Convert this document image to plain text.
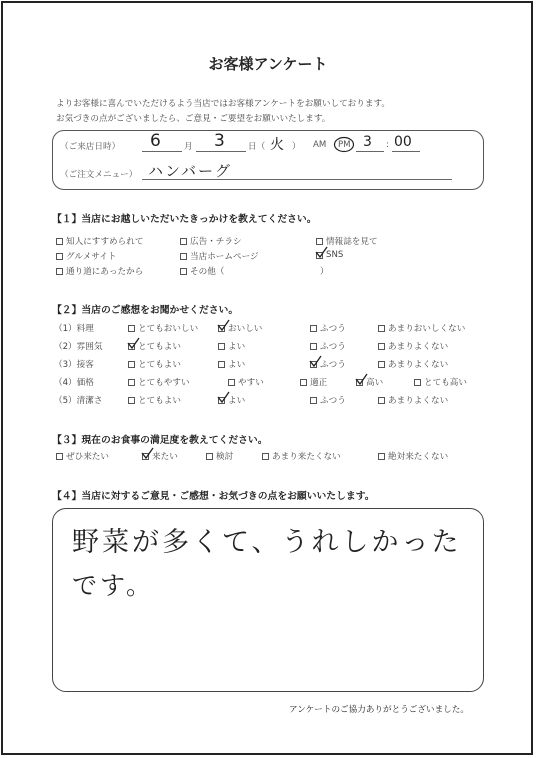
お客様アンケート
よりお客様に喜んでいただけるよう当店ではお客様アンケートをお願いしております。
お気づきの点がございましたら、ご意見・ご要望をお願いいたします。
（ご来店日時） 6	月 3	日（ 火 ） AM PM 3 : 00
（ご注文メニュー） ハンバーグ
【１】当店にお越しいただいたきっかけを教えてください。
知人にすすめられて	広告・チラシ	情報誌を見て
グルメサイト	当店ホームページ	SNS
通り道にあったから	その他（	）
【２】当店のご感想をお聞かせください。
（1）料理	とてもおいしい	おいしい	ふつう	あまりおいしくない
（2）雰囲気	とてもよい	よい	ふつう	あまりよくない
（3）接客	とてもよい	よい	ふつう	あまりよくない
（4）価格	とてもやすい	やすい	適正	高い	とても高い
（5）清潔さ	とてもよい	よい	ふつう	あまりよくない
【３】現在のお食事の満足度を教えてください。
ぜひ来たい	来たい	検討	あまり来たくない	絶対来たくない
【４】当店に対するご意見・ご感想・お気づきの点をお願いいたします。
野菜が多くて、うれしかった
です。
アンケートのご協力ありがとうございました。
